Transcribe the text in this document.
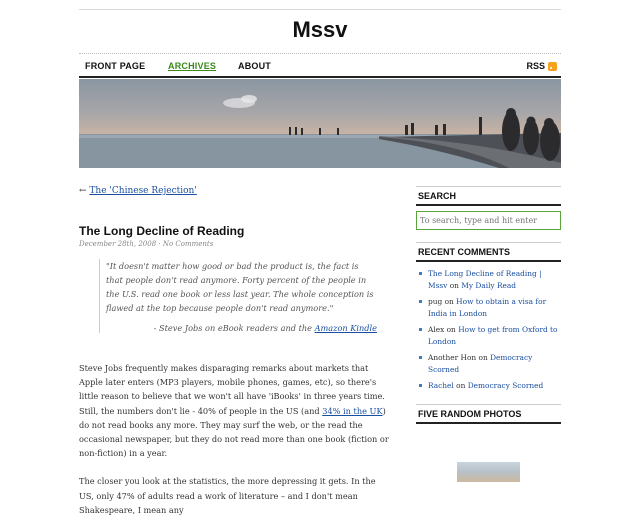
Mssv
FRONT PAGE	ARCHIVES ABOUT	RSS
← The 'Chinese Rejection'
The Long Decline of Reading
December 28th, 2008 · No Comments

"It doesn't matter how good or bad the product is, the fact is that people don't read anymore. Forty percent of the people in the U.S. read one book or less last year. The whole conception is flawed at the top because people don't read anymore."

- Steve Jobs on eBook readers and the Amazon Kindle

Steve Jobs frequently makes disparaging remarks about markets that Apple later enters (MP3 players, mobile phones, games, etc), so there's little reason to believe that we won't all have 'iBooks' in three years time. Still, the numbers don't lie - 40% of people in the US (and 34% in the UK) do not read books any more. They may surf the web, or the read the occasional newspaper, but they do not read more than one book (fiction or non-fiction) in a year.

The closer you look at the statistics, the more depressing it gets. In the US, only 47% of adults read a work of literature – and I don't mean Shakespeare, I mean any

SEARCH
To search, type and hit enter
RECENT COMMENTS
The Long Decline of Reading | Mssv on My Daily Read
pug on How to obtain a visa for India in London
Alex on How to get from Oxford to London
Another Hon on Democracy Scorned
Rachel on Democracy Scorned
FIVE RANDOM PHOTOS
